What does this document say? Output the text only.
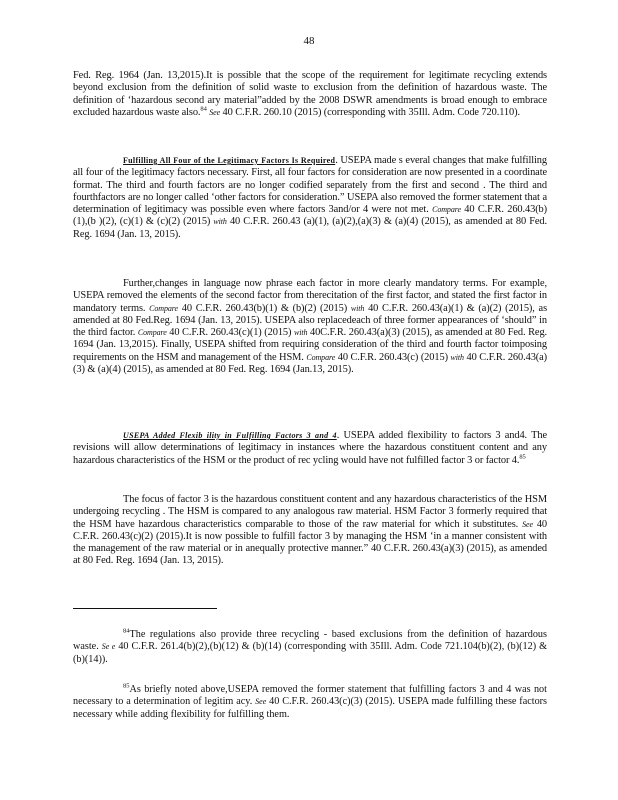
48

Fed. Reg. 1964 (Jan. 13,2015).It is possible that the scope of the requirement for legitimate recycling extends beyond exclusion from the definition of solid waste to exclusion from the definition of hazardous waste. The definition of ‘hazardous second ary material”added by the 2008 DSWR amendments is broad enough to embrace excluded hazardous waste also.$^{84}$ See 40 C.F.R. 260.10 (2015) (corresponding with 35Ill. Adm. Code 720.110).

Fulfilling All Four of the Legitimacy Factors Is Required. USEPA made s everal changes that make fulfilling all four of the legitimacy factors necessary. First, all four factors for consideration are now presented in a coordinate format. The third and fourth factors are no longer codified separately from the first and second . The third and fourthfactors are no longer called ‘other factors for consideration.” USEPA also removed the former statement that a determination of legitimacy was possible even where factors 3and/or 4 were not met. Compare 40 C.F.R. 260.43(b)(1),(b )(2), (c)(1) & (c)(2) (2015) with 40 C.F.R. 260.43 (a)(1), (a)(2),(a)(3) & (a)(4) (2015), as amended at 80 Fed. Reg. 1694 (Jan. 13, 2015).

Further,changes in language now phrase each factor in more clearly mandatory terms. For example, USEPA removed the elements of the second factor from therecitation of the first factor, and stated the first factor in mandatory terms. Compare 40 C.F.R. 260.43(b)(1) & (b)(2) (2015) with 40 C.F.R. 260.43(a)(1) & (a)(2) (2015), as amended at 80 Fed.Reg. 1694 (Jan. 13, 2015). USEPA also replacedeach of three former appearances of ‘should” in the third factor. Compare 40 C.F.R. 260.43(c)(1) (2015) with 40C.F.R. 260.43(a)(3) (2015), as amended at 80 Fed. Reg. 1694 (Jan. 13,2015). Finally, USEPA shifted from requiring consideration of the third and fourth factor toimposing requirements on the HSM and management of the HSM. Compare 40 C.F.R. 260.43(c) (2015) with 40 C.F.R. 260.43(a)(3) & (a)(4) (2015), as amended at 80 Fed. Reg. 1694 (Jan.13, 2015).

USEPA Added Flexib ility in Fulfilling Factors 3 and 4. USEPA added flexibility to factors 3 and4. The revisions will allow determinations of legitimacy in instances where the hazardous constituent content and any hazardous characteristics of the HSM or the product of rec ycling would have not fulfilled factor 3 or factor 4.85

The focus of factor 3 is the hazardous constituent content and any hazardous characteristics of the HSM undergoing recycling . The HSM is compared to any analogous raw material. HSM Factor 3 formerly required that the HSM have hazardous characteristics comparable to those of the raw material for which it substitutes. See 40 C.F.R. 260.43(c)(2) (2015).It is now possible to fulfill factor 3 by managing the HSM ‘in a manner consistent with the management of the raw material or in anequally protective manner.” 40 C.F.R. 260.43(a)(3) (2015), as amended at 80 Fed. Reg. 1694 (Jan. 13, 2015).

$^{84}$The regulations also provide three recycling - based exclusions from the definition of hazardous waste. Se e 40 C.F.R. 261.4(b)(2),(b)(12) & (b)(14) (corresponding with 35Ill. Adm. Code 721.104(b)(2), (b)(12) & (b)(14)).

$^{85}$As briefly noted above,USEPA removed the former statement that fulfilling factors 3 and 4 was not necessary to a determination of legitim acy. See 40 C.F.R. 260.43(c)(3) (2015). USEPA made fulfilling these factors necessary while adding flexibility for fulfilling them.
